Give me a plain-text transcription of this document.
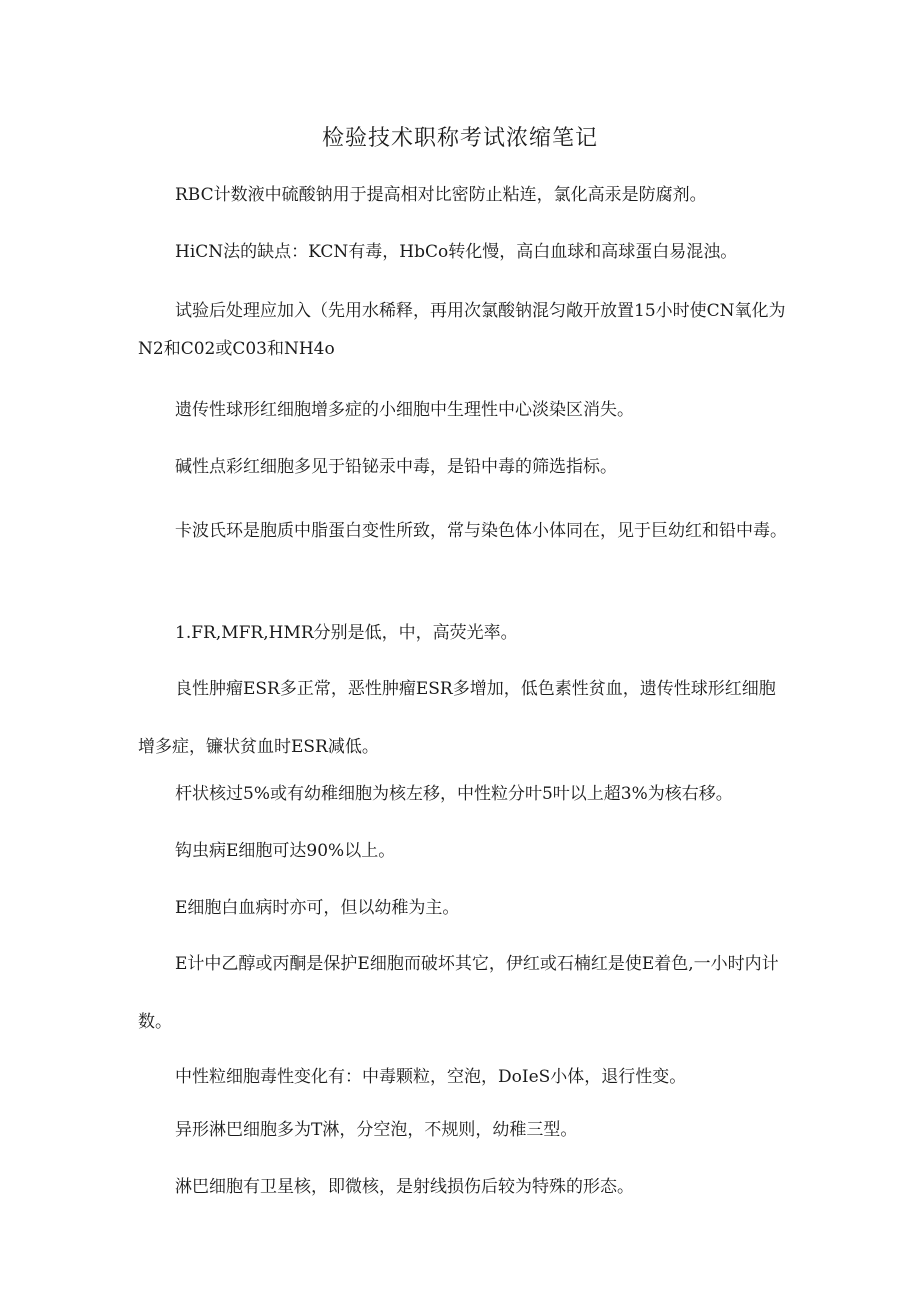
检验技术职称考试浓缩笔记

RBC计数液中硫酸钠用于提高相对比密防止粘连，氯化高汞是防腐剂。

HiCN法的缺点：KCN有毒，HbCo转化慢，高白血球和高球蛋白易混浊。

试验后处理应加入（先用水稀释，再用次氯酸钠混匀敞开放置15小时使CN氧化为N2和C02或C03和NH4o

遗传性球形红细胞增多症的小细胞中生理性中心淡染区消失。

碱性点彩红细胞多见于铅铋汞中毒，是铅中毒的筛选指标。

卡波氏环是胞质中脂蛋白变性所致，常与染色体小体同在，见于巨幼红和铅中毒。

1.FR,MFR,HMR分别是低，中，高荧光率。

良性肿瘤ESR多正常，恶性肿瘤ESR多增加，低色素性贫血，遗传性球形红细胞增多症，镰状贫血时ESR减低。

杆状核过5%或有幼稚细胞为核左移，中性粒分叶5叶以上超3%为核右移。

钩虫病E细胞可达90%以上。

E细胞白血病时亦可，但以幼稚为主。

E计中乙醇或丙酮是保护E细胞而破坏其它，伊红或石楠红是使E着色,一小时内计数。

中性粒细胞毒性变化有：中毒颗粒，空泡，DoIeS小体，退行性变。

异形淋巴细胞多为T淋，分空泡，不规则，幼稚三型。

淋巴细胞有卫星核，即微核，是射线损伤后较为特殊的形态。
